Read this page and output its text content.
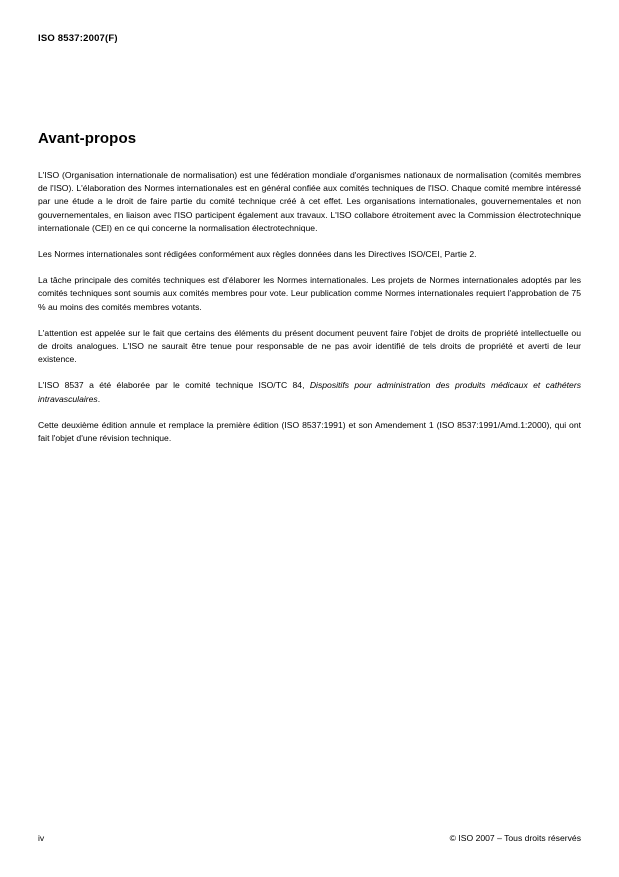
ISO 8537:2007(F)
Avant-propos

L'ISO (Organisation internationale de normalisation) est une fédération mondiale d'organismes nationaux de normalisation (comités membres de l'ISO). L'élaboration des Normes internationales est en général confiée aux comités techniques de l'ISO. Chaque comité membre intéressé par une étude a le droit de faire partie du comité technique créé à cet effet. Les organisations internationales, gouvernementales et non gouvernementales, en liaison avec l'ISO participent également aux travaux. L'ISO collabore étroitement avec la Commission électrotechnique internationale (CEI) en ce qui concerne la normalisation électrotechnique.

Les Normes internationales sont rédigées conformément aux règles données dans les Directives ISO/CEI, Partie 2.

La tâche principale des comités techniques est d'élaborer les Normes internationales. Les projets de Normes internationales adoptés par les comités techniques sont soumis aux comités membres pour vote. Leur publication comme Normes internationales requiert l'approbation de 75 % au moins des comités membres votants.

L'attention est appelée sur le fait que certains des éléments du présent document peuvent faire l'objet de droits de propriété intellectuelle ou de droits analogues. L'ISO ne saurait être tenue pour responsable de ne pas avoir identifié de tels droits de propriété et averti de leur existence.

L'ISO 8537 a été élaborée par le comité technique ISO/TC 84, Dispositifs pour administration des produits médicaux et cathéters intravasculaires.

Cette deuxième édition annule et remplace la première édition (ISO 8537:1991) et son Amendement 1 (ISO 8537:1991/Amd.1:2000), qui ont fait l'objet d'une révision technique.

iv	© ISO 2007 – Tous droits réservés
